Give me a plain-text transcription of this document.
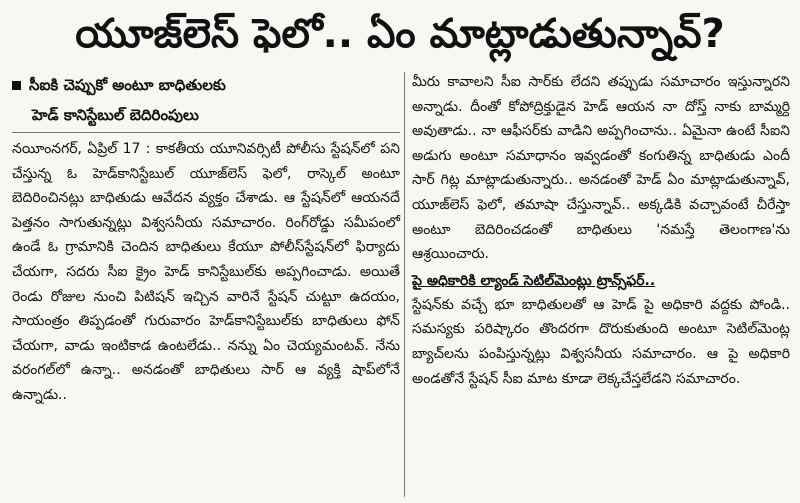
యూజ్‌లెస్ ఫెలో.. ఏం మాట్లాడుతున్నావ్?
సీఐకి చెప్పుకో అంటూ బాధితులకు
హెడ్ కానిస్టేబుల్ బెదిరింపులు
నయీంనగర్, ఏప్రిల్ 17 : కాకతీయ యూనివర్సిటీ పోలీసు స్టేషన్‌లో పని చేస్తున్న ఓ హెడ్‌కానిస్టేబుల్ యూజ్‌లెస్ ఫెలో, రాస్కెల్ అంటూ బెదిరించినట్లు బాధితుడు ఆవేదన వ్యక్తం చేశాడు. ఆ స్టేషన్‌లో ఆయనదే పెత్తనం సాగుతున్నట్లు విశ్వసనీయ సమాచారం. రింగ్‌రోడ్డు సమీపంలో ఉండే ఓ గ్రామానికి చెందిన బాధితులు కేయూ పోలీస్‌స్టేషన్‌లో ఫిర్యాదు చేయగా, సదరు సీఐ క్రైం హెడ్ కానిస్టేబుల్‌కు అప్పగించాడు. అయితే రెండు రోజుల నుంచి పిటిషన్ ఇచ్చిన వారినే స్టేషన్ చుట్టూ ఉదయం, సాయంత్రం తిప్పడంతో గురువారం హెడ్‌కానిస్టేబుల్‌కు బాధితులు ఫోన్ చేయగా, వాడు ఇంటికాడ ఉంటలేడు.. నన్ను ఏం చెయ్యమంటవ్. నేను వరంగల్‌లో ఉన్నా.. అనడంతో బాధితులు సార్ ఆ వ్యక్తి షాప్‌లోనే ఉన్నాడు..
మీరు కావాలని సీఐ సార్‌కు లేదని తప్పుడు సమాచారం ఇస్తున్నారని అన్నాడు. దీంతో కోపోద్రిక్తుడైన హెడ్ ఆయన నా దోస్త్ నాకు బామ్మర్ది అవుతాడు.. నా ఆఫీసర్‌కు వాడిని అప్పగించాను.. ఏమైనా ఉంటే సీఐని అడుగు అంటూ సమాధానం ఇవ్వడంతో కంగుతిన్న బాధితుడు ఎందీ సార్ గిట్ల మాట్లాడుతున్నారు.. అనడంతో హెడ్ ఏం మాట్లాడుతున్నావ్, యూజ్‌లెస్ ఫెలో, తమాషా చేస్తున్నావ్.. అక్కడికి వచ్చావంటే చీరేస్తా అంటూ బెదిరించడంతో బాధితులు 'నమస్తే తెలంగాణ'ను ఆశ్రయించారు.
పై అధికారికి ల్యాండ్ సెటిల్‌మెంట్లు ట్రాన్స్‌ఫర్..
స్టేషన్‌కు వచ్చే భూ బాధితులతో ఆ హెడ్ పై అధికారి వద్దకు పోండి.. సమస్యకు పరిష్కారం తొందరగా దొరుకుతుంది అంటూ సెటిల్‌మెంట్ల బ్యాచ్‌లను పంపిస్తున్నట్లు విశ్వసనీయ సమాచారం. ఆ పై అధికారి అండతోనే స్టేషన్ సీఐ మాట కూడా లెక్కచేస్తలేడని సమాచారం.
